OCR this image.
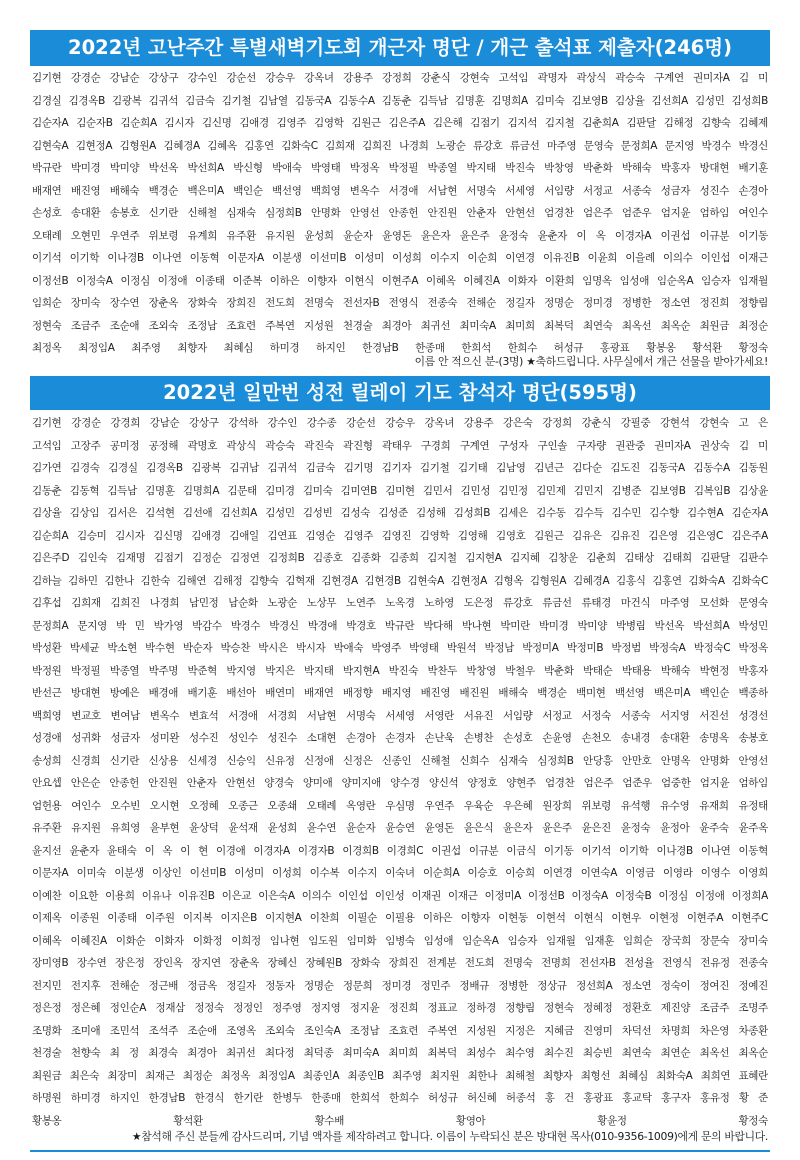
2022년 고난주간 특별새벽기도회 개근자 명단 / 개근 출석표 제출자(246명)
김기현 강경순 강남순 강상구 강수인 강순선 강승우 강옥녀 강용주 강정희 강춘식 강현숙 고석임 곽명자 곽상식 곽승숙 구계연 권미자A 김 미
김경실 김경옥B 김광복 김귀석 김금숙 김기철 김남열 김동국A 김동수A 김동춘 김득남 김명훈 김명희A 김미숙 김보영B 김상율 김선희A 김성민 김성희B
김순자A 김순자B 김순희A 김시자 김신명 김애경 김영주 김영학 김원근 김은주A 김은해 김점기 김지석 김지철 김춘희A 김판달 김해정 김향숙 김혜제
김현숙A 김현정A 김형원A 김혜경A 김혜옥 김홍연 김화숙C 김희재 김희진 나경희 노광순 류강호 류금선 마주영 문영숙 문정희A 문지영 박경수 박경신
박규란 박미경 박미양 박선옥 박선희A 박신형 박애숙 박영태 박정옥 박정필 박종열 박지태 박진숙 박창영 박춘화 박해숙 박홍자 방대현 배기훈
배재연 배진영 배해숙 백경순 백은미A 백인순 백선영 백희영 변옥수 서경애 서남현 서명숙 서세영 서임량 서정교 서종숙 성금자 성진수 손경아
손성호 송대환 송봉호 신기란 신해철 심재숙 심정희B 안명화 안영선 안종헌 안진원 안춘자 안현선 엄경찬 엄은주 엄준우 엄지윤 엄하임 여인수
오태례 오현민 우연주 위보령 유계희 유주환 유지원 윤성희 윤순자 윤영돈 윤은자 윤은주 윤정숙 윤춘자 이 옥 이경자A 이권섭 이규분 이기동
이기석 이기학 이나경B 이나연 이동혁 이문자A 이분생 이선미B 이성미 이성희 이수지 이순희 이연경 이유진B 이윤희 이을례 이의수 이인섭 이재근
이정선B 이정숙A 이정심 이정애 이종태 이준복 이하은 이향자 이현식 이현주A 이혜옥 이혜진A 이화자 이환희 임명옥 임성애 임순옥A 임승자 임재월
임희순 장미숙 장수연 장춘옥 장화숙 장희진 전도희 전명숙 전선자B 전영식 전종숙 전해순 정길자 정명순 정미경 정병한 정소연 정진희 정향림
정현숙 조금주 조순애 조외숙 조정남 조효련 주복연 지성원 천경술 최경아 최귀선 최미숙A 최미희 최복덕 최연숙 최옥선 최옥순 최원금 최정순
최정옥 최정임A 최주영 최향자 최혜심 하미경 하지인 한경남B 한종매 한희석 한희수 허성규 홍광표 황봉옹 황석환 황정숙
이름 안 적으신 분-(3명) ★축하드립니다. 사무실에서 개근 선물을 받아가세요!
2022년 일만번 성전 릴레이 기도 참석자 명단(595명)
김기현 강경순 강경희 강남순 강상구 강석하 강수인 강수종 강순선 강승우 강옥녀 강용주 강은숙 강정희 강춘식 강필중 강현석 강현숙 고 은
고석임 고장주 공미정 공정해 곽명호 곽상식 곽승숙 곽진숙 곽진형 곽태우 구경희 구계연 구성자 구인솔 구자량 권관중 권미자A 권상숙 김 미
김가연 김경숙 김경실 김경옥B 김광복 김귀남 김귀석 김금숙 김기명 김기자 김기철 김기태 김남영 김년근 김다순 김도진 김동국A 김동수A 김동원
김동춘 김동혁 김득남 김명훈 김명희A 김문태 김미경 김미숙 김미연B 김미현 김민서 김민성 김민정 김민제 김민지 김병준 김보영B 김복임B 김상윤
김상율 김상임 김서은 김석현 김선애 김선희A 김성민 김성빈 김성숙 김성준 김성해 김성희B 김세은 김수동 김수득 김수민 김수향 김수현A 김순자A
김순희A 김승미 김시자 김신명 김애경 김애일 김연표 김영순 김영주 김영진 김영학 김영해 김영호 김원근 김유은 김유진 김은영 김은영C 김은주A
김은주D 김인숙 김재명 김점기 김정순 김정연 김정희B 김종호 김종화 김종희 김지철 김지현A 김지혜 김창운 김춘희 김태상 김태희 김판달 김판수
김하늘 김하민 김한나 김한숙 김해연 김해정 김향숙 김혁재 김현경A 김현경B 김현숙A 김현정A 김형옥 김형원A 김혜경A 김홍식 김홍연 김화숙A 김화숙C
김후섭 김희재 김희진 나경희 남민정 남순화 노광순 노상무 노연주 노옥경 노하영 도은정 류강호 류금선 류태경 마건식 마주영 모선화 문영숙
문정희A 문지영 박 민 박가영 박감수 박경수 박경신 박경애 박경호 박규란 박다해 박나현 박미란 박미경 박미양 박병림 박선옥 박선희A 박성민
박성환 박세균 박소현 박수현 박순자 박승찬 박시은 박시자 박애숙 박영주 박영태 박원석 박정남 박정미A 박정미B 박정범 박정숙A 박정숙C 박정옥
박정원 박정필 박종열 박주명 박준혁 박지영 박지은 박지태 박지현A 박진숙 박찬두 박창영 박철우 박춘화 박태순 박태용 박해숙 박현정 박홍자
반선근 방대현 방예은 배경애 배기훈 배선아 배연미 배재연 배정향 배지영 배진영 배진원 배해숙 백경순 백미현 백선영 백은미A 백인순 백종하
백희영 변교호 변여남 변옥수 변효석 서경애 서경희 서남현 서명숙 서세영 서영란 서유진 서임량 서정교 서정숙 서종숙 서지영 서진선 성경선
성경애 성귀화 성금자 성미완 성수진 성인수 성진수 소대현 손경아 손경자 손난욱 손병찬 손성호 손윤영 손천오 송내경 송대환 송명옥 송봉호
송성희 신경희 신기란 신상용 신세경 신승익 신유정 신정애 신정은 신종인 신해철 신희수 심재숙 심정희B 안당흥 안만호 안명옥 안명화 안영선
안요셉 안은순 안종헌 안진원 안춘자 안현선 양경숙 양미애 양미지애 양수경 양신석 양정호 양현주 엄경찬 엄은주 엄준우 엄중한 엄지윤 엄하임
엄헌용 여인수 오수빈 오시현 오정혜 오종근 오종쇄 오태례 옥영란 우심명 우연주 우육순 우은혜 원장희 위보령 유석행 유수영 유재희 유정태
유주환 유지원 유희영 윤부현 윤상덕 윤석재 윤성희 윤수연 윤순자 윤승연 윤영돈 윤은식 윤은자 윤은주 윤은진 윤정숙 윤정아 윤주숙 윤주옥
윤지선 윤춘자 윤태숙 이 옥 이 현 이경애 이경자A 이경자B 이경희B 이경희C 이권섭 이규분 이금식 이기동 이기석 이기학 이나경B 이나연 이동혁
이문자A 이미숙 이분생 이상인 이선미B 이성미 이성희 이수복 이수지 이숙녀 이순희A 이승호 이승희 이연경 이연숙A 이영금 이영라 이영수 이영희
이예찬 이요한 이용희 이유나 이유진B 이은교 이은숙A 이의수 이인섭 이인성 이재권 이재근 이정미A 이정선B 이정숙A 이정숙B 이정심 이정애 이정희A
이제옥 이종원 이종태 이주원 이지복 이지은B 이지현A 이찬희 이필순 이필용 이하은 이향자 이현동 이현석 이현식 이현우 이현정 이현주A 이현주C
이혜옥 이혜진A 이화순 이화자 이화정 이희정 임나현 임도원 임미화 임병숙 임성애 임순옥A 임승자 임재월 임재훈 임희순 장국희 장문숙 장미숙
장미영B 장수연 장은정 장인옥 장지연 장춘옥 장혜신 장혜원B 장화숙 장희진 전계분 전도희 전명숙 전명희 전선자B 전성율 전영식 전유정 전종숙
전지민 전지후 전해순 정근배 정금옥 정길자 정동자 정명순 정문희 정미경 정민주 정배규 정병한 정상규 정선희A 정소연 정숙이 정여진 정예진
정은정 정은혜 정인순A 정재삼 정정숙 정정인 정주영 정지영 정지윤 정진희 정표교 정하경 정향림 정현숙 정혜정 정환호 제진양 조금주 조명주
조명화 조미애 조민석 조석주 조순애 조영옥 조외숙 조인숙A 조정남 조효련 주복연 지성원 지정은 지혜금 진영미 차덕선 차명희 차은영 차종환
천경술 천향숙 최 정 최경숙 최경아 최귀선 최다정 최덕종 최미숙A 최미희 최복덕 최성수 최수영 최수진 최승빈 최연숙 최연순 최옥선 최옥순
최원금 최은숙 최장미 최재근 최정순 최정옥 최정임A 최종인A 최종인B 최주영 최지원 최한나 최해철 최향자 최형선 최혜심 최화숙A 최희연 표혜란
하명원 하미경 하지인 한경남B 한경식 한기란 한병두 한종매 한희석 한희수 허성규 허신혜 허종석 홍 건 홍광표 홍교탁 홍구자 홍유정 황 준
황봉옹 황석환 황수배 황영아 황윤정 황정숙
★참석해 주신 분들께 감사드리며, 기념 액자를 제작하려고 합니다. 이름이 누락되신 분은 방대현 목사(010-9356-1009)에게 문의 바랍니다.
